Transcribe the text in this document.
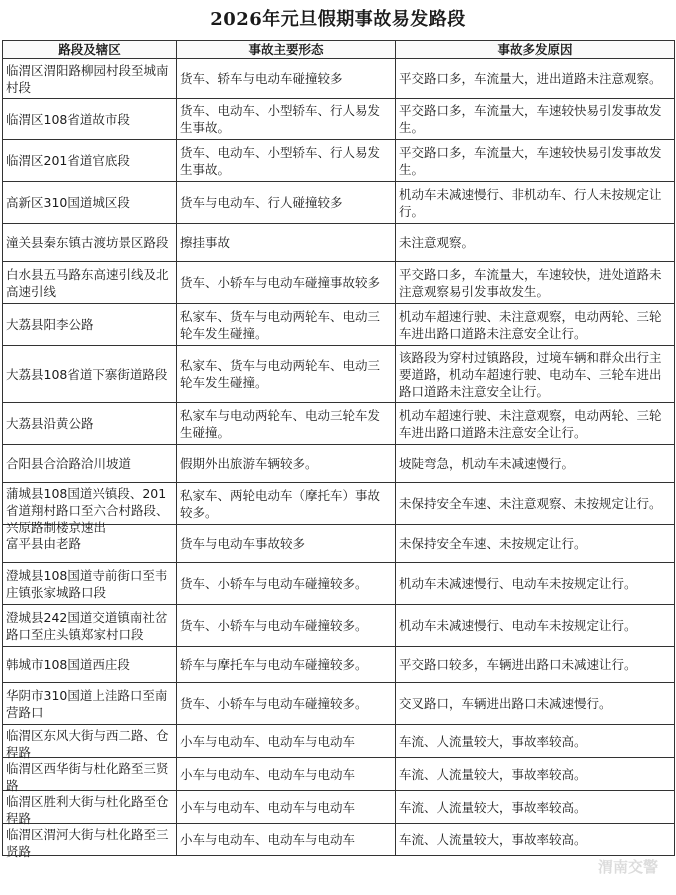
2026年元旦假期事故易发路段
路段及辖区	事故主要形态	事故多发原因

临渭区渭阳路柳园村段至城南村段	货车、轿车与电动车碰撞较多	平交路口多，车流量大，进出道路未注意观察。

临渭区108省道故市段	货车、电动车、小型轿车、行人易发生事故。	平交路口多，车流量大，车速较快易引发事故发生。

临渭区201省道官底段	货车、电动车、小型轿车、行人易发生事故。	平交路口多，车流量大，车速较快易引发事故发生。

高新区310国道城区段	货车与电动车、行人碰撞较多	机动车未减速慢行、非机动车、行人未按规定让行。

潼关县秦东镇古渡坊景区路段	擦挂事故	未注意观察。

白水县五马路东高速引线及北高速引线	货车、小轿车与电动车碰撞事故较多	平交路口多，车流量大，车速较快，进处道路未注意观察易引发事故发生。

大荔县阳李公路	私家车、货车与电动两轮车、电动三轮车发生碰撞。	机动车超速行驶、未注意观察，电动两轮、三轮车进出路口道路未注意安全让行。

大荔县108省道下寨街道路段	私家车、货车与电动两轮车、电动三轮车发生碰撞。	该路段为穿村过镇路段，过境车辆和群众出行主要道路，机动车超速行驶、电动车、三轮车进出路口道路未注意安全让行。

大荔县沿黄公路	私家车与电动两轮车、电动三轮车发生碰撞。	机动车超速行驶、未注意观察，电动两轮、三轮车进出路口道路未注意安全让行。

合阳县合洽路洽川坡道	假期外出旅游车辆较多。	坡陡弯急，机动车未减速慢行。

蒲城县108国道兴镇段、201省道翔村路口至六合村路段、兴原路制楼京速出	私家车、两轮电动车（摩托车）事故较多。	未保持安全车速、未注意观察、未按规定让行。

富平县由老路	货车与电动车事故较多	未保持安全车速、未按规定让行。

澄城县108国道寺前街口至韦庄镇张家城路口段	货车、小轿车与电动车碰撞较多。	机动车未减速慢行、电动车未按规定让行。

澄城县242国道交道镇南社岔路口至庄头镇郑家村口段	货车、小轿车与电动车碰撞较多。	机动车未减速慢行、电动车未按规定让行。

韩城市108国道西庄段	轿车与摩托车与电动车碰撞较多。	平交路口较多，车辆进出路口未减速让行。

华阴市310国道上洼路口至南营路口	货车、小轿车与电动车碰撞较多。	交叉路口，车辆进出路口未减速慢行。

临渭区东风大街与西二路、仓程路	小车与电动车、电动车与电动车	车流、人流量较大，事故率较高。

临渭区西华街与杜化路至三贤路	小车与电动车、电动车与电动车	车流、人流量较大，事故率较高。

临渭区胜利大街与杜化路至仓程路	小车与电动车、电动车与电动车	车流、人流量较大，事故率较高。

临渭区渭河大街与杜化路至三贤路	小车与电动车、电动车与电动车	车流、人流量较大，事故率较高。
渭南交警
